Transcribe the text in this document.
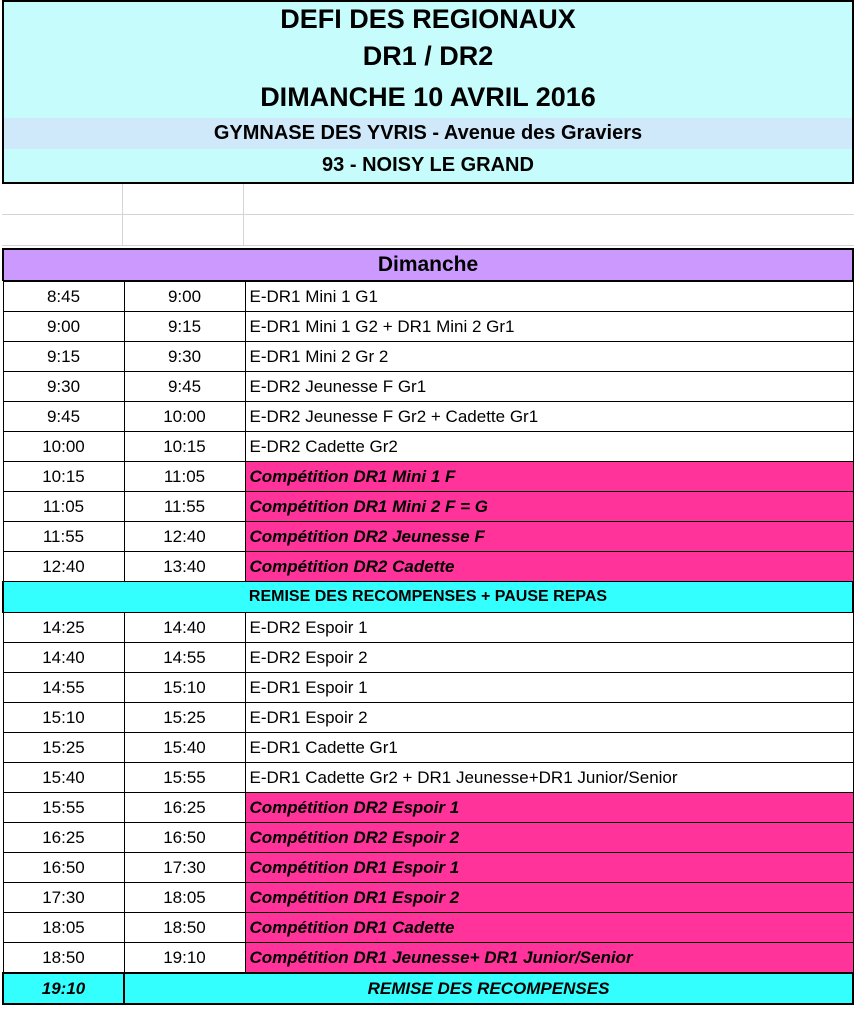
DEFI DES REGIONAUX
DR1 / DR2
DIMANCHE 10 AVRIL 2016
GYMNASE DES YVRIS - Avenue des Graviers
93 - NOISY LE GRAND
Dimanche
8:45	9:00	E-DR1 Mini 1 G1
9:00	9:15	E-DR1 Mini 1 G2 + DR1 Mini 2 Gr1
9:15	9:30	E-DR1 Mini 2 Gr 2
9:30	9:45	E-DR2 Jeunesse F Gr1
9:45	10:00	E-DR2 Jeunesse F Gr2 + Cadette Gr1
10:00	10:15	E-DR2 Cadette Gr2
10:15	11:05	Compétition DR1 Mini 1 F
11:05	11:55	Compétition DR1 Mini 2 F = G
11:55	12:40	Compétition DR2 Jeunesse F
12:40	13:40	Compétition DR2 Cadette
REMISE DES RECOMPENSES + PAUSE REPAS		
14:25	14:40	E-DR2 Espoir 1
14:40	14:55	E-DR2 Espoir 2
14:55	15:10	E-DR1 Espoir 1
15:10	15:25	E-DR1 Espoir 2
15:25	15:40	E-DR1 Cadette Gr1
15:40	15:55	E-DR1 Cadette Gr2 + DR1 Jeunesse+DR1 Junior/Senior
15:55	16:25	Compétition DR2 Espoir 1
16:25	16:50	Compétition DR2 Espoir 2
16:50	17:30	Compétition DR1 Espoir 1
17:30	18:05	Compétition DR1 Espoir 2
18:05	18:50	Compétition DR1 Cadette
18:50	19:10	Compétition DR1 Jeunesse+ DR1 Junior/Senior
19:10	REMISE DES RECOMPENSES	
